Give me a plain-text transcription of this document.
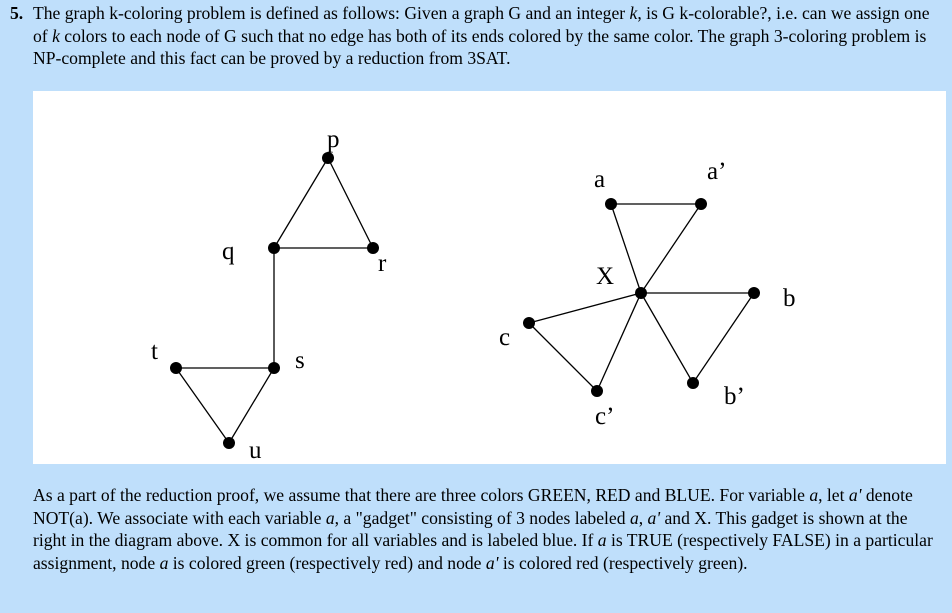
5. The graph k-coloring problem is defined as follows: Given a graph G and an integer k, is G k-colorable?, i.e. can we assign one of k colors to each node of G such that no edge has both of its ends colored by the same color. The graph 3-coloring problem is NP-complete and this fact can be proved by a reduction from 3SAT.
p
q	r
s
t
u
a	a’
X
b
b’
c
c’
As a part of the reduction proof, we assume that there are three colors GREEN, RED and BLUE. For variable a, let a' denote NOT(a). We associate with each variable a, a "gadget" consisting of 3 nodes labeled a, a' and X. This gadget is shown at the right in the diagram above. X is common for all variables and is labeled blue. If a is TRUE (respectively FALSE) in a particular assignment, node a is colored green (respectively red) and node a' is colored red (respectively green).
